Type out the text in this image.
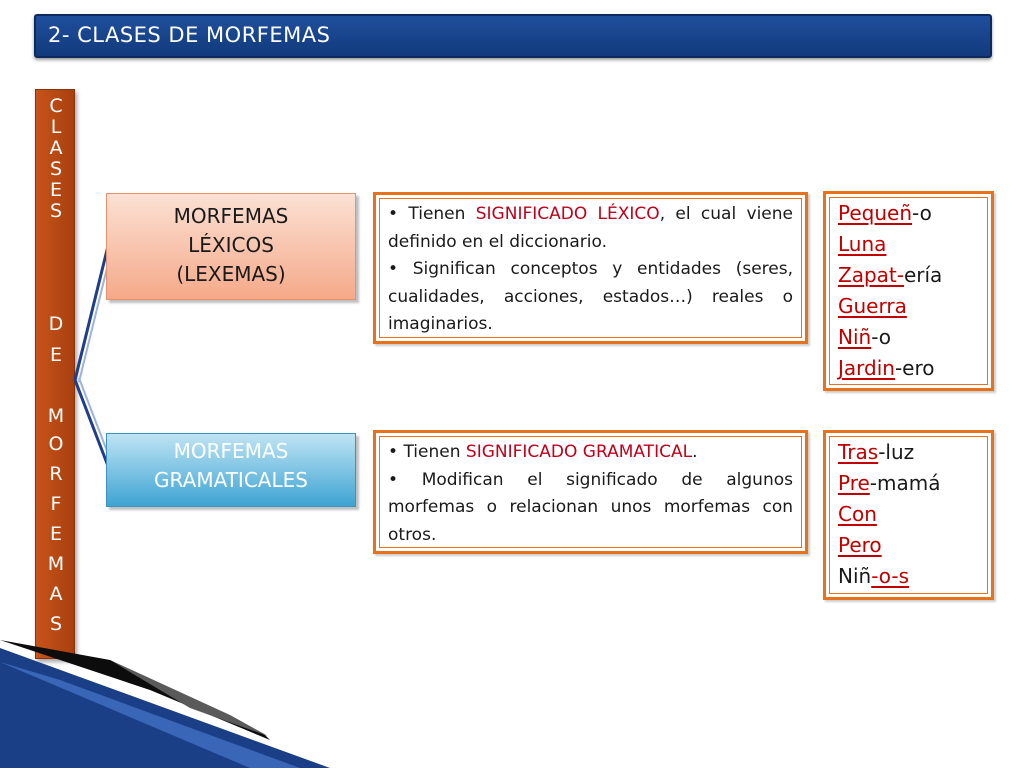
2- CLASES DE MORFEMAS
C
L
A
S
E
S
D
E
M
O
R
F
E
M
A
S
MORFEMAS
LÉXICOS
(LEXEMAS)
MORFEMAS
GRAMATICALES

• Tienen SIGNIFICADO LÉXICO, el cual viene definido en el diccionario.

• Significan conceptos y entidades (seres, cualidades, acciones, estados…) reales o imaginarios.

• Tienen SIGNIFICADO GRAMATICAL.

• Modifican el significado de algunos morfemas o relacionan unos morfemas con otros.

Pequeñ-o
Luna
Zapat-ería
Guerra
Niñ-o
Jardin-ero
Tras-luz
Pre-mamá
Con
Pero
Niñ-o-s
